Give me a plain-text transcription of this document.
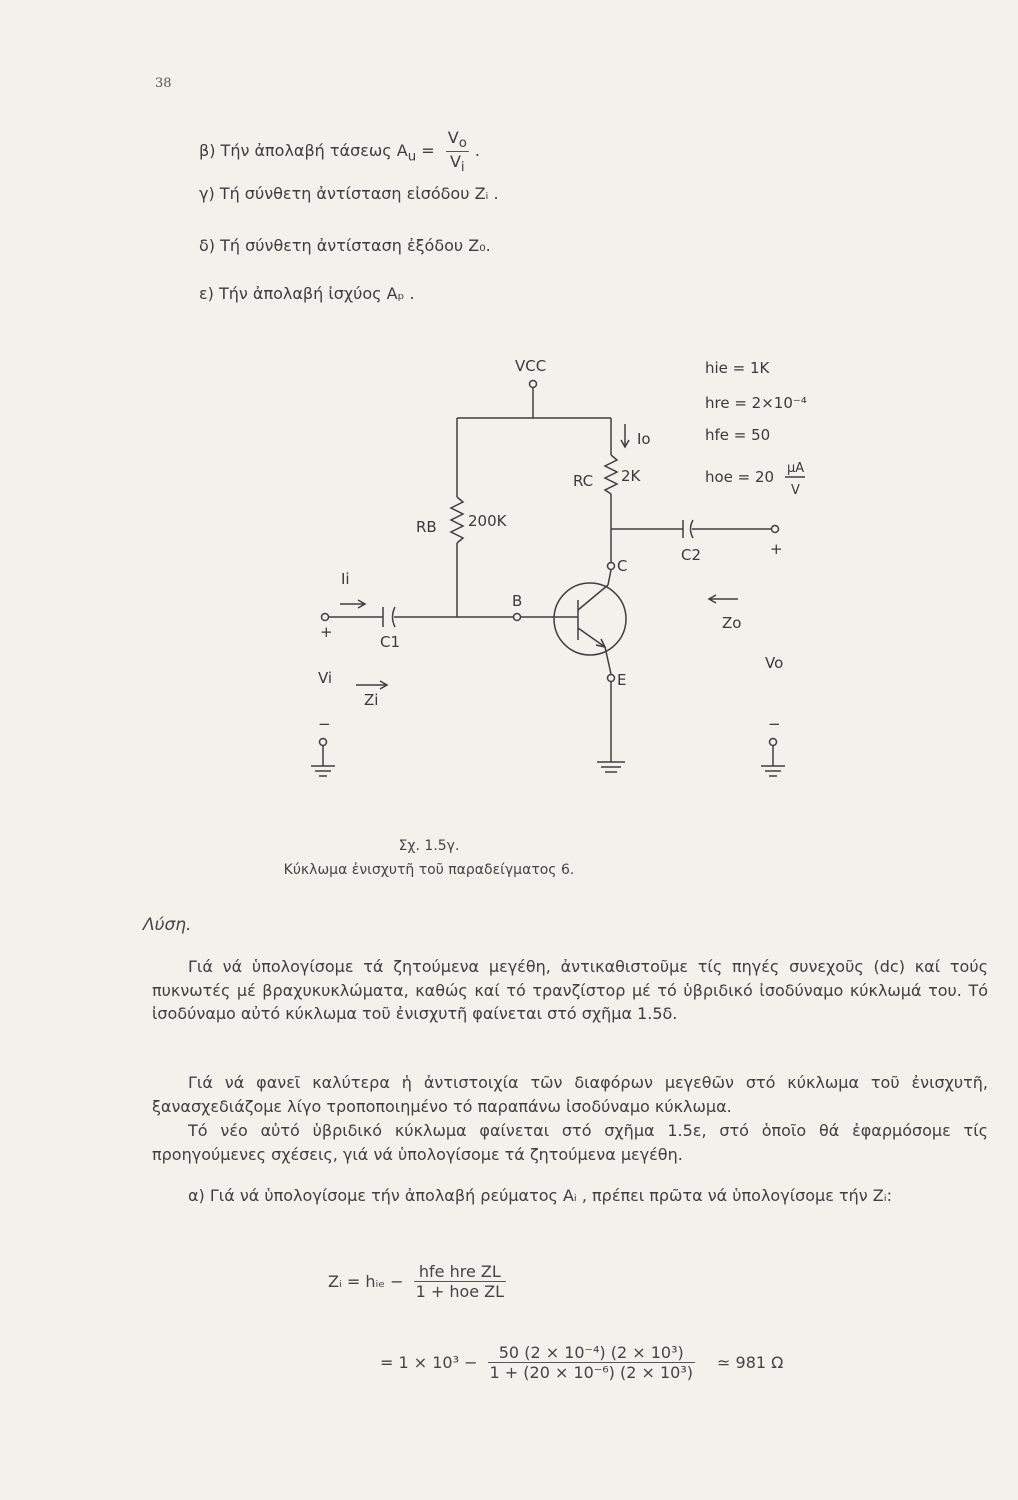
38
β) Τήν ἀπολαβή τάσεως $A_u = \frac{V_o}{V_i}$ .
γ) Τή σύνθετη ἀντίσταση εἰσόδου Zᵢ .
δ) Τή σύνθετη ἀντίσταση ἐξόδου Z₀.
ε) Τήν ἀπολαβή ἰσχύος Aₚ .
VCC
RB 200K
RC 2K
Io
Ii
C1
C2
B
C
E
Vi
Zi
Zo
Vo
+
+
−	−
hie = 1K
hre = 2×10⁻⁴
hfe = 50
hoe = 20 μA
V
Σχ. 1.5γ.
Κύκλωμα ἐνισχυτῆ τοῦ παραδείγματος 6.
Λύση.
Γιά νά ὑπολογίσομε τά ζητούμενα μεγέθη, ἀντικαθιστοῦμε τίς πηγές συνεχοῦς (dc) καί τούς πυκνωτές μέ βραχυκυκλώματα, καθώς καί τό τρανζίστορ μέ τό ὑβριδικό ἰσοδύναμο κύκλωμά του. Τό ἰσοδύναμο αὐτό κύκλωμα τοῦ ἐνισχυτῆ φαίνεται στό σχῆμα 1.5δ.
Γιά νά φανεῖ καλύτερα ἡ ἀντιστοιχία τῶν διαφόρων μεγεθῶν στό κύκλωμα τοῦ ἐνισχυτῆ, ξανασχεδιάζομε λίγο τροποποιημένο τό παραπάνω ἰσοδύναμο κύκλωμα.
Τό νέο αὐτό ὑβριδικό κύκλωμα φαίνεται στό σχῆμα 1.5ε, στό ὁποῖο θά ἐφαρμόσομε τίς προηγούμενες σχέσεις, γιά νά ὑπολογίσομε τά ζητούμενα μεγέθη.
α) Γιά νά ὑπολογίσομε τήν ἀπολαβή ρεύματος Aᵢ , πρέπει πρῶτα νά ὑπολογίσομε τήν Zᵢ:
Zᵢ = hᵢₑ − $\frac{\text{hfe hre ZL}}{\text{1 + hoe ZL}}$
= $1 \times 10^3 - \frac{\text{50 (2 × 10⁻⁴) (2 × 10³)}}{\text{1 + (20 × 10⁻⁶) (2 × 10³)}}$ ≃ 981 Ω
